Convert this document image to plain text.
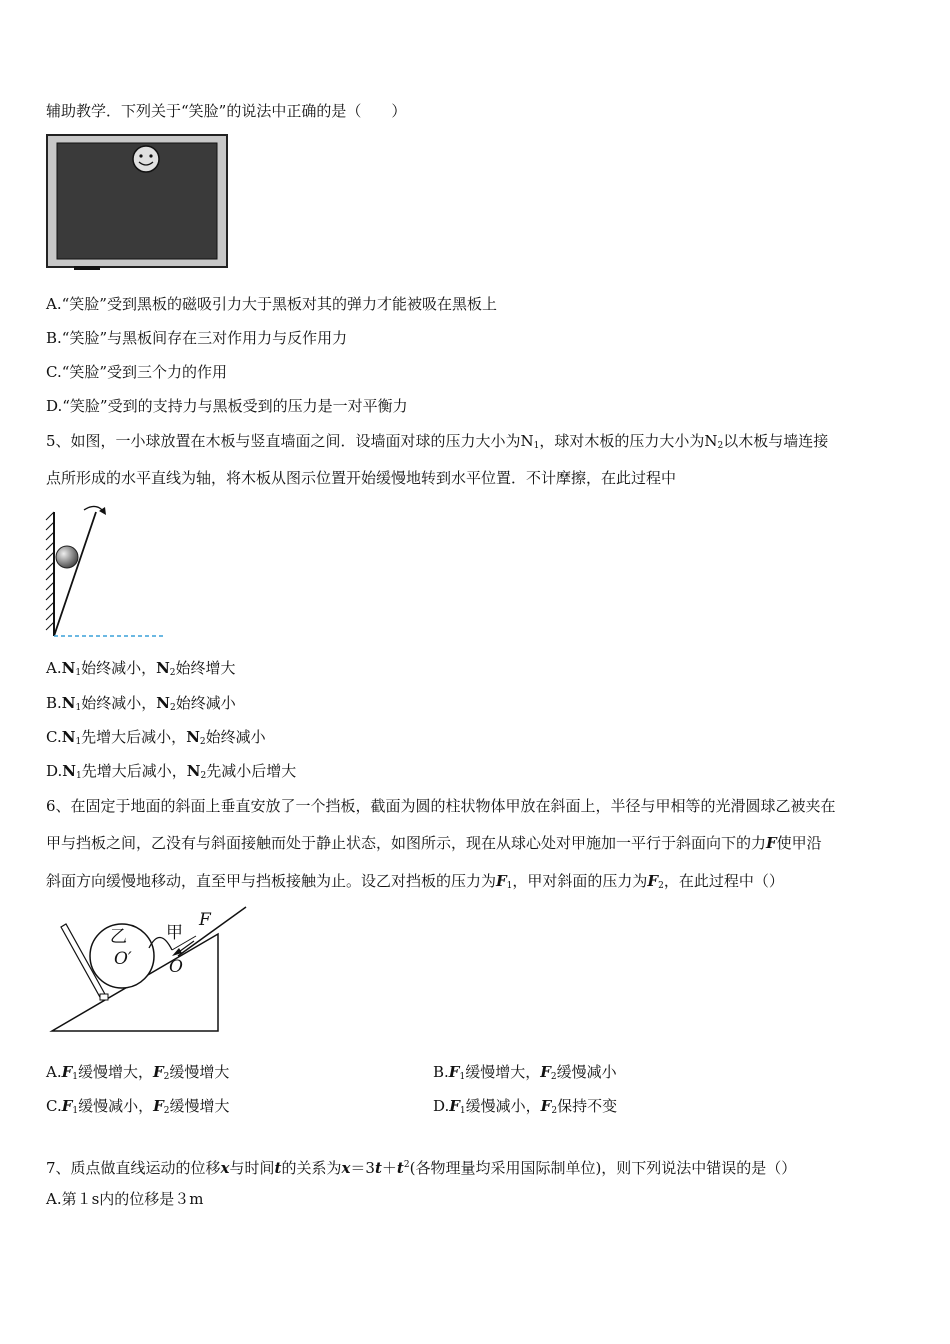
辅助教学．下列关于“笑脸”的说法中正确的是（　　）
A.“笑脸”受到黑板的磁吸引力大于黑板对其的弹力才能被吸在黑板上
B.“笑脸”与黑板间存在三对作用力与反作用力
C.“笑脸”受到三个力的作用
D.“笑脸”受到的支持力与黑板受到的压力是一对平衡力
5、如图，一小球放置在木板与竖直墙面之间．设墙面对球的压力大小为$N_1$，球对木板的压力大小为$N_2$以木板与墙连接
点所形成的水平直线为轴，将木板从图示位置开始缓慢地转到水平位置．不计摩擦，在此过程中
$A.N_1$始终减小，$N_2$始终增大
$B.N_1$始终减小，$N_2$始终减小
$C.N_1$先增大后减小，$N_2$始终减小
$D.N_1$先增大后减小，$N_2$先减小后增大
6、在固定于地面的斜面上垂直安放了一个挡板，截面为圆的柱状物体甲放在斜面上，半径与甲相等的光滑圆球乙被夹在
甲与挡板之间，乙没有与斜面接触而处于静止状态，如图所示，现在从球心处对甲施加一平行于斜面向下的力F使甲沿
斜面方向缓慢地移动，直至甲与挡板接触为止。设乙对挡板的压力为$F_1$，甲对斜面的压力为$F_2$，在此过程中（）
乙
O′
甲
O
F
$A.F_1$缓慢增大，$F_2$缓慢增大	$B.F_1$缓慢增大，$F_2$缓慢减小
$C.F_1$缓慢减小，$F_2$缓慢增大	$D.F_1$缓慢减小，$F_2$保持不变
7、质点做直线运动的位移x与时间t的关系为$x=3t+t^2$(各物理量均采用国际制单位)，则下列说法中错误的是（）
A.第１s内的位移是３m
